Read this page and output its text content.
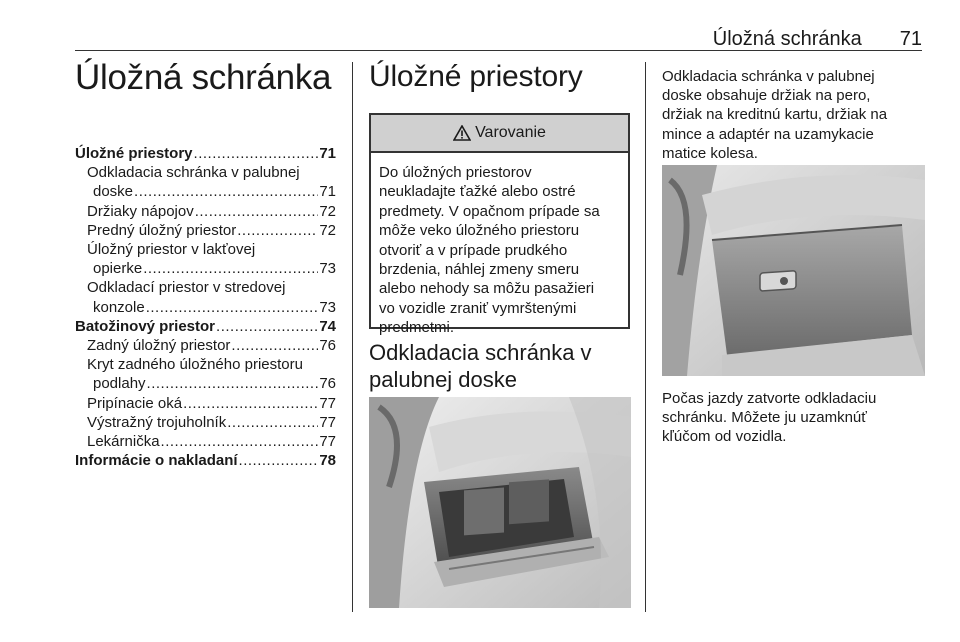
Úložná schránka 71
Úložná schránka
Úložné priestory .....	71
Odkladacia schránka v palubnej
doske .....	71
Držiaky nápojov .....	72
Predný úložný priestor .....	72
Úložný priestor v lakťovej
opierke .....	73
Odkladací priestor v stredovej
konzole .....	73
Batožinový priestor .....	74
Zadný úložný priestor .....	76
Kryt zadného úložného priestoru
podlahy .....	76
Pripínacie oká .....	77
Výstražný trojuholník .....	77
Lekárnička .....	77
Informácie o nakladaní .....	78
Úložné priestory
Varovanie
Do úložných priestorov
neukladajte ťažké alebo ostré
predmety. V opačnom prípade sa
môže veko úložného priestoru
otvoriť a v prípade prudkého
brzdenia, náhlej zmeny smeru
alebo nehody sa môžu pasažieri
vo vozidle zraniť vymrštenými
predmetmi.
Odkladacia schránka v
palubnej doske
Odkladacia schránka v palubnej
doske obsahuje držiak na pero,
držiak na kreditnú kartu, držiak na
mince a adaptér na uzamykacie
matice kolesa.
Počas jazdy zatvorte odkladaciu
schránku. Môžete ju uzamknúť
kľúčom od vozidla.
